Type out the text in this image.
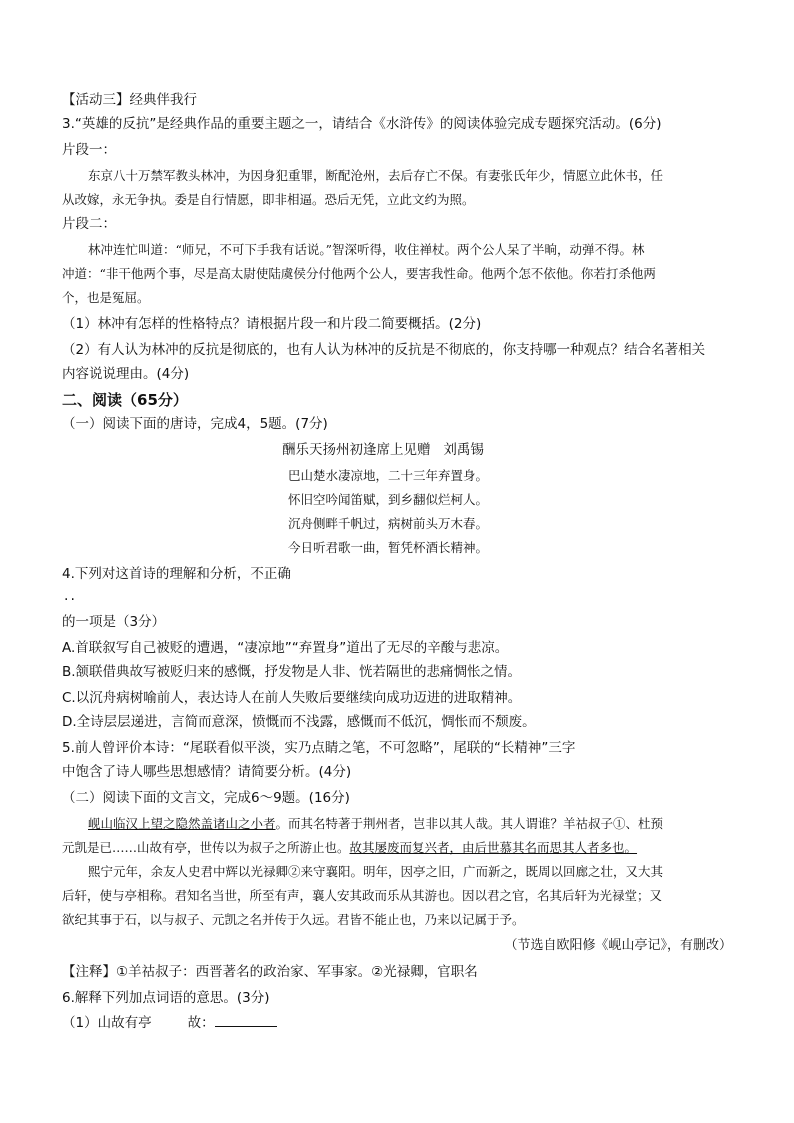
【活动三】经典伴我行
3.“英雄的反抗”是经典作品的重要主题之一，请结合《水浒传》的阅读体验完成专题探究活动。(6分)
片段一：
东京八十万禁军教头林冲，为因身犯重罪，断配沧州，去后存亡不保。有妻张氏年少，情愿立此休书，任
从改嫁，永无争执。委是自行情愿，即非相逼。恐后无凭，立此文约为照。
片段二：
林冲连忙叫道：“师兄，不可下手我有话说。”智深听得，收住禅杖。两个公人呆了半晌，动弹不得。林
冲道：“非干他两个事，尽是高太尉使陆虞侯分付他两个公人，要害我性命。他两个怎不依他。你若打杀他两
个，也是冤屈。
（1）林冲有怎样的性格特点？请根据片段一和片段二简要概括。(2分)
（2）有人认为林冲的反抗是彻底的，也有人认为林冲的反抗是不彻底的，你支持哪一种观点？结合名著相关
内容说说理由。(4分)
二、阅读（65分）
（一）阅读下面的唐诗，完成4，5题。(7分)
酬乐天扬州初逢席上见赠 刘禹锡
巴山楚水凄凉地，二十三年弃置身。
怀旧空吟闻笛赋，到乡翻似烂柯人。
沉舟侧畔千帆过，病树前头万木春。
今日听君歌一曲，暂凭杯酒长精神。
4.下列对这首诗的理解和分析，不正确
··
的一项是（3分）
A.首联叙写自己被贬的遭遇，“凄凉地”“弃置身”道出了无尽的辛酸与悲凉。
B.颔联借典故写被贬归来的感慨，抒发物是人非、恍若隔世的悲痛惆怅之情。
C.以沉舟病树喻前人，表达诗人在前人失败后要继续向成功迈进的进取精神。
D.全诗层层递进，言简而意深，愤慨而不浅露，感慨而不低沉，惆怅而不颓废。
5.前人曾评价本诗：“尾联看似平淡，实乃点睛之笔，不可忽略”，尾联的“长精神”三字
中饱含了诗人哪些思想感情？请简要分析。(4分)
（二）阅读下面的文言文，完成6～9题。(16分)
岘山临汉上望之隐然盖诸山之小者。而其名特著于荆州者，岂非以其人哉。其人谓谁？羊祜叔子①、杜预
元凯是已……山故有亭，世传以为叔子之所游止也。故其屡废而复兴者，由后世慕其名而思其人者多也。
熙宁元年，余友人史君中辉以光禄卿②来守襄阳。明年，因亭之旧，广而新之，既周以回廊之壮，又大其
后轩，使与亭相称。君知名当世，所至有声，襄人安其政而乐从其游也。因以君之官，名其后轩为光禄堂；又
欲纪其事于石，以与叔子、元凯之名并传于久远。君皆不能止也，乃来以记属于予。
（节选自欧阳修《岘山亭记》，有删改）
【注释】①羊祜叔子：西晋著名的政治家、军事家。②光禄卿，官职名
6.解释下列加点词语的意思。(3分)
（1）山故有亭	故：
